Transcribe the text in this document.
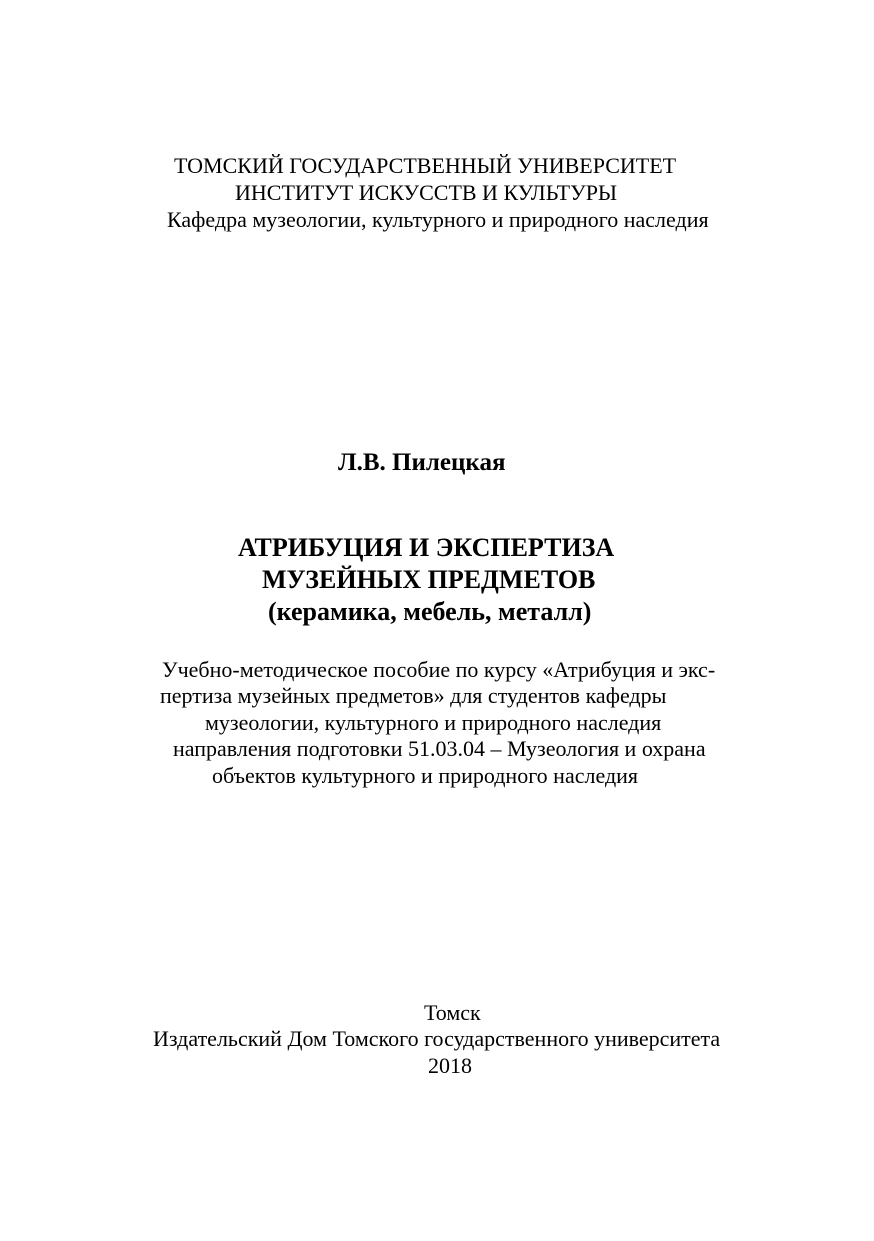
ТОМСКИЙ ГОСУДАРСТВЕННЫЙ УНИВЕРСИТЕТ
ИНСТИТУТ ИСКУССТВ И КУЛЬТУРЫ
Кафедра музеологии, культурного и природного наследия
Л.В. Пилецкая
АТРИБУЦИЯ И ЭКСПЕРТИЗА
МУЗЕЙНЫХ ПРЕДМЕТОВ
(керамика, мебель, металл)
Учебно-методическое пособие по курсу «Атрибуция и экс-
пертиза музейных предметов» для студентов кафедры
музеологии, культурного и природного наследия
направления подготовки 51.03.04 – Музеология и охрана
объектов культурного и природного наследия
Томск
Издательский Дом Томского государственного университета
2018
